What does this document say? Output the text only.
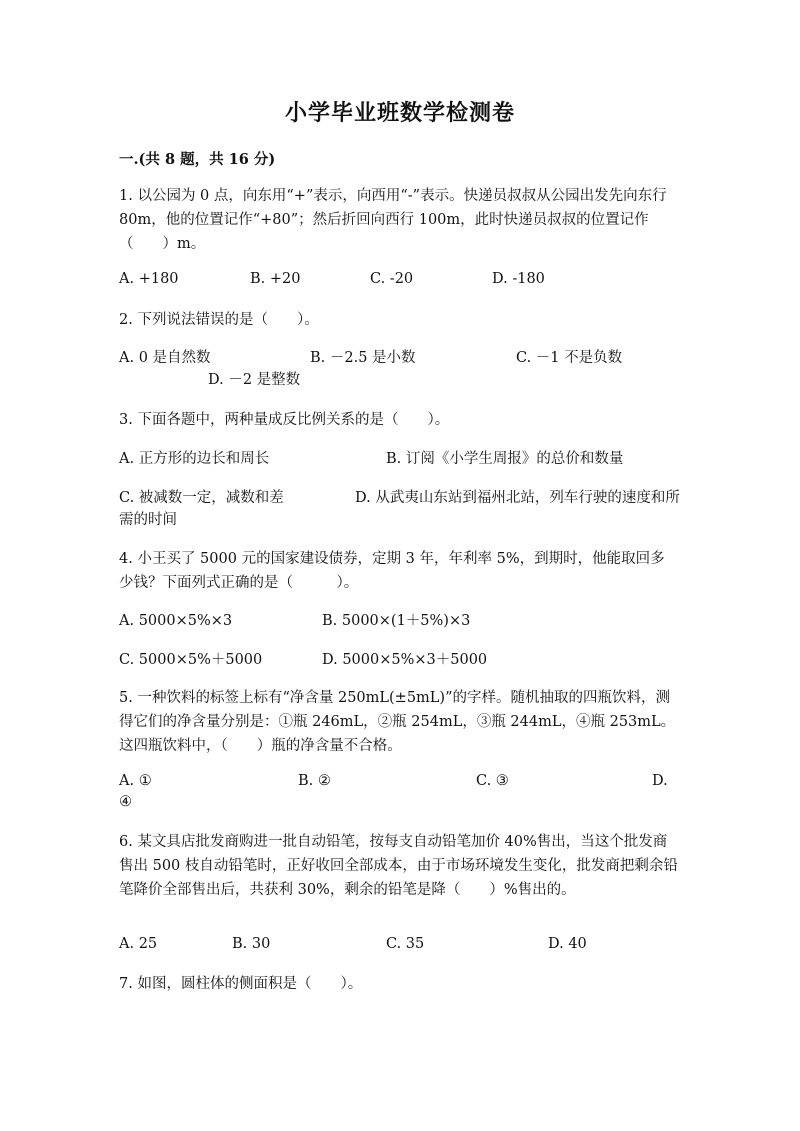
小学毕业班数学检测卷
一.(共 8 题，共 16 分)
1. 以公园为 0 点，向东用“+”表示，向西用“-”表示。快递员叔叔从公园出发先向东行 80m，他的位置记作“+80”；然后折回向西行 100m，此时快递员叔叔的位置记作（　　）m。
A. +180	B. +20	C. -20	D. -180
2. 下列说法错误的是（　　）。
A. 0 是自然数	B. －2.5 是小数	C. －1 不是负数
D. －2 是整数
3. 下面各题中，两种量成反比例关系的是（　　）。
A. 正方形的边长和周长	B. 订阅《小学生周报》的总价和数量
C. 被减数一定，减数和差	D. 从武夷山东站到福州北站，列车行驶的速度和所需的时间
4. 小王买了 5000 元的国家建设债券，定期 3 年，年利率 5%，到期时，他能取回多少钱？下面列式正确的是（　　　）。
A. 5000×5%×3	B. 5000×(1＋5%)×3
C. 5000×5%＋5000	D. 5000×5%×3＋5000
5. 一种饮料的标签上标有“净含量 250mL(±5mL)”的字样。随机抽取的四瓶饮料，测得它们的净含量分别是：①瓶 246mL，②瓶 254mL，③瓶 244mL，④瓶 253mL。这四瓶饮料中，（　　）瓶的净含量不合格。
A. ①	B. ②	C. ③	D.
④
6. 某文具店批发商购进一批自动铅笔，按每支自动铅笔加价 40%售出，当这个批发商售出 500 枝自动铅笔时，正好收回全部成本，由于市场环境发生变化，批发商把剩余铅笔降价全部售出后，共获利 30%，剩余的铅笔是降（　　）%售出的。
A. 25	B. 30	C. 35	D. 40
7. 如图，圆柱体的侧面积是（　　）。
